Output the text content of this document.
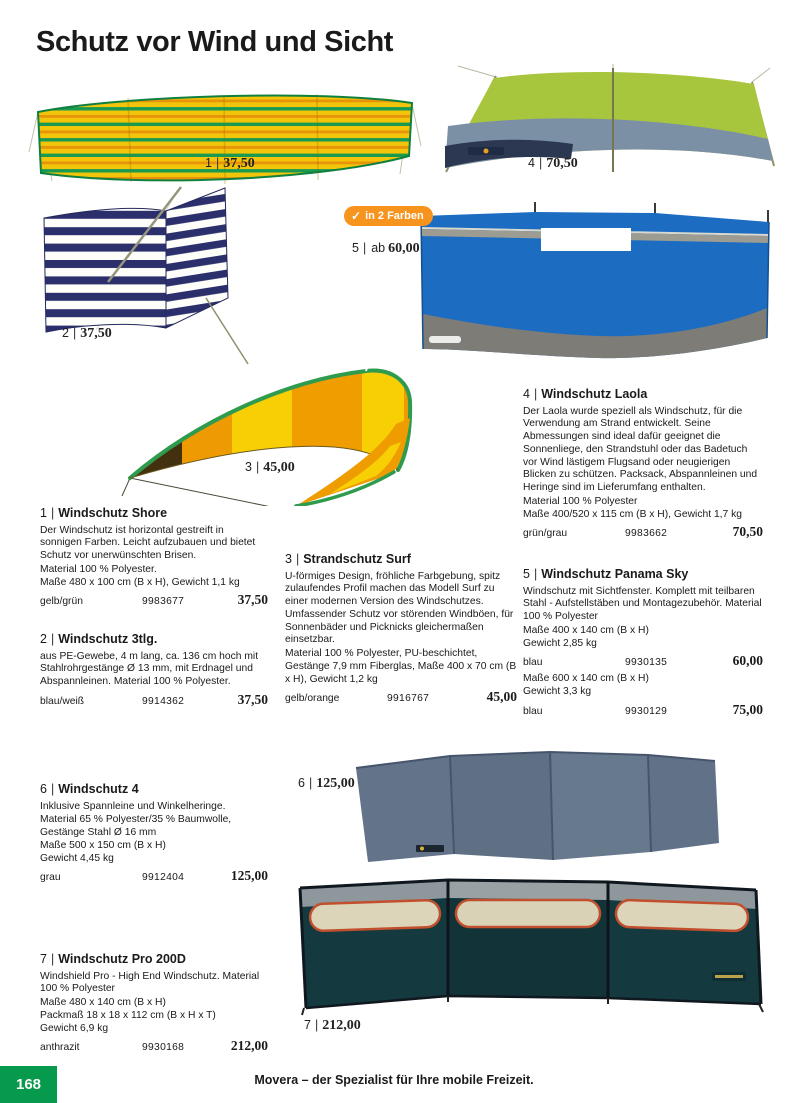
Schutz vor Wind und Sicht
1 | 37,50	4 | 70,50
2 | 37,50
✓ in 2 Farben
5 | ab 60,00
3 | 45,00
6 | 125,00
7 | 212,00
1 | Windschutz Shore
Der Windschutz ist horizontal gestreift in sonnigen Farben. Leicht aufzubauen und bietet Schutz vor unerwünschten Brisen.
Material 100 % Polyester.
Maße 480 x 100 cm (B x H), Gewicht 1,1 kg
gelb/grün	9983677	37,50
2 | Windschutz 3tlg.
aus PE-Gewebe, 4 m lang, ca. 136 cm hoch mit Stahlrohrgestänge Ø 13 mm, mit Erdnagel und Abspannleinen. Material 100 % Polyester.
blau/weiß	9914362	37,50
3 | Strandschutz Surf
U-förmiges Design, fröhliche Farbgebung, spitz zulaufendes Profil machen das Modell Surf zu einer modernen Version des Windschutzes. Umfassender Schutz vor störenden Windböen, für Sonnenbäder und Picknicks gleichermaßen einsetzbar.
Material 100 % Polyester, PU-beschichtet, Gestänge 7,9 mm Fiberglas, Maße 400 x 70 cm (B x H), Gewicht 1,2 kg
gelb/orange	9916767	45,00
4 | Windschutz Laola
Der Laola wurde speziell als Windschutz, für die Verwendung am Strand entwickelt. Seine Abmessungen sind ideal dafür geeignet die Sonnenliege, den Strandstuhl oder das Badetuch vor Wind lästigem Flugsand oder neugierigen Blicken zu schützen. Packsack, Abspannleinen und Heringe sind im Lieferumfang enthalten.
Material 100 % Polyester
Maße 400/520 x 115 cm (B x H), Gewicht 1,7 kg
grün/grau	9983662	70,50
5 | Windschutz Panama Sky
Windschutz mit Sichtfenster. Komplett mit teilbaren Stahl - Aufstellstäben und Montagezubehör. Material 100 % Polyester
Maße 400 x 140 cm (B x H)
Gewicht 2,85 kg
blau	9930135	60,00
Maße 600 x 140 cm (B x H)
Gewicht 3,3 kg
blau	9930129	75,00
6 | Windschutz 4
Inklusive Spannleine und Winkelheringe.
Material 65 % Polyester/35 % Baumwolle,
Gestänge Stahl Ø 16 mm
Maße 500 x 150 cm (B x H)
Gewicht 4,45 kg
grau	9912404	125,00
7 | Windschutz Pro 200D
Windshield Pro - High End Windschutz. Material 100 % Polyester
Maße 480 x 140 cm (B x H)
Packmaß 18 x 18 x 112 cm (B x H x T)
Gewicht 6,9 kg
anthrazit	9930168	212,00
168	Movera – der Spezialist für Ihre mobile Freizeit.
